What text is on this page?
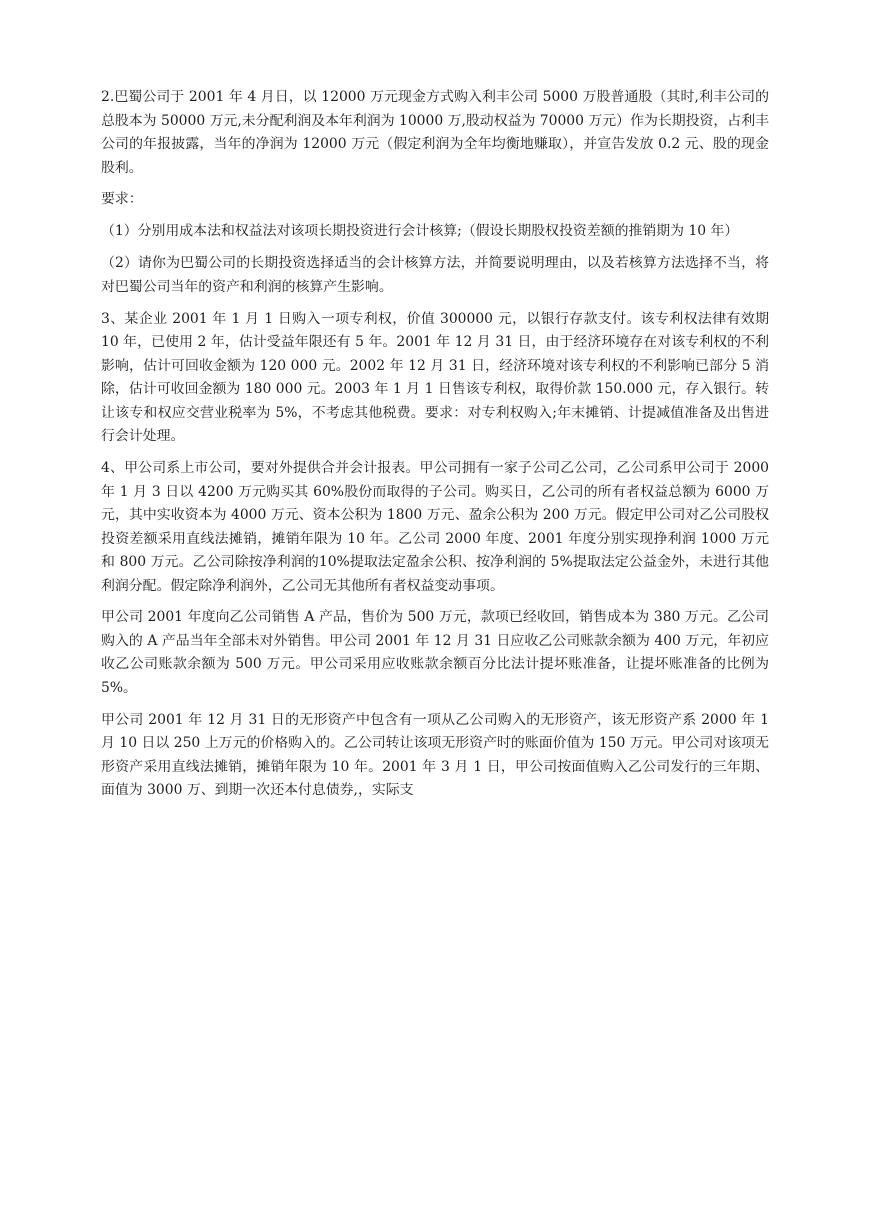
2.巴蜀公司于 2001 年 4 月日，以 12000 万元现金方式购入利丰公司 5000 万股普通股（其时,利丰公司的总股本为 50000 万元,未分配利润及本年利润为 10000 万,股动权益为 70000 万元）作为长期投资，占利丰公司的年报披露，当年的净润为 12000 万元（假定利润为全年均衡地赚取），并宣告发放 0.2 元、股的现金股利。

要求：

（1）分别用成本法和权益法对该项长期投资进行会计核算;（假设长期股权投资差额的推销期为 10 年）

（2）请你为巴蜀公司的长期投资选择适当的会计核算方法，并简要说明理由，以及若核算方法选择不当，将对巴蜀公司当年的资产和利润的核算产生影响。

3、某企业 2001 年 1 月 1 日购入一项专利权，价值 300000 元，以银行存款支付。该专利权法律有效期 10 年，已使用 2 年，估计受益年限还有 5 年。2001 年 12 月 31 日，由于经济环境存在对该专利权的不利影响，估计可回收金额为 120 000 元。2002 年 12 月 31 日，经济环境对该专利权的不利影响已部分 5 消除，估计可收回金额为 180 000 元。2003 年 1 月 1 日售该专利权，取得价款 150.000 元，存入银行。转让该专和权应交营业税率为 5%，不考虑其他税费。要求：对专利权购入;年末摊销、计提减值准备及出售进行会计处理。

4、甲公司系上市公司，要对外提供合并会计报表。甲公司拥有一家子公司乙公司，乙公司系甲公司于 2000 年 1 月 3 日以 4200 万元购买其 60%股份而取得的子公司。购买日，乙公司的所有者权益总额为 6000 万元，其中实收资本为 4000 万元、资本公积为 1800 万元、盈余公积为 200 万元。假定甲公司对乙公司股权投资差额采用直线法摊销，摊销年限为 10 年。乙公司 2000 年度、2001 年度分别实现挣利润 1000 万元和 800 万元。乙公司除按净利润的10%提取法定盈余公积、按净利润的 5%提取法定公益金外，未进行其他利润分配。假定除净利润外，乙公司无其他所有者权益变动事项。

甲公司 2001 年度向乙公司销售 A 产品，售价为 500 万元，款项已经收回，销售成本为 380 万元。乙公司购入的 A 产品当年全部未对外销售。甲公司 2001 年 12 月 31 日应收乙公司账款余额为 400 万元，年初应收乙公司账款余额为 500 万元。甲公司采用应收账款余额百分比法计提坏账准备，让提坏账准备的比例为 5%。

甲公司 2001 年 12 月 31 日的无形资产中包含有一项从乙公司购入的无形资产，该无形资产系 2000 年 1 月 10 日以 250 上万元的价格购入的。乙公司转让该项无形资产时的账面价值为 150 万元。甲公司对该项无形资产采用直线法摊销，摊销年限为 10 年。2001 年 3 月 1 日，甲公司按面值购入乙公司发行的三年期、面值为 3000 万、到期一次还本付息债券,，实际支
